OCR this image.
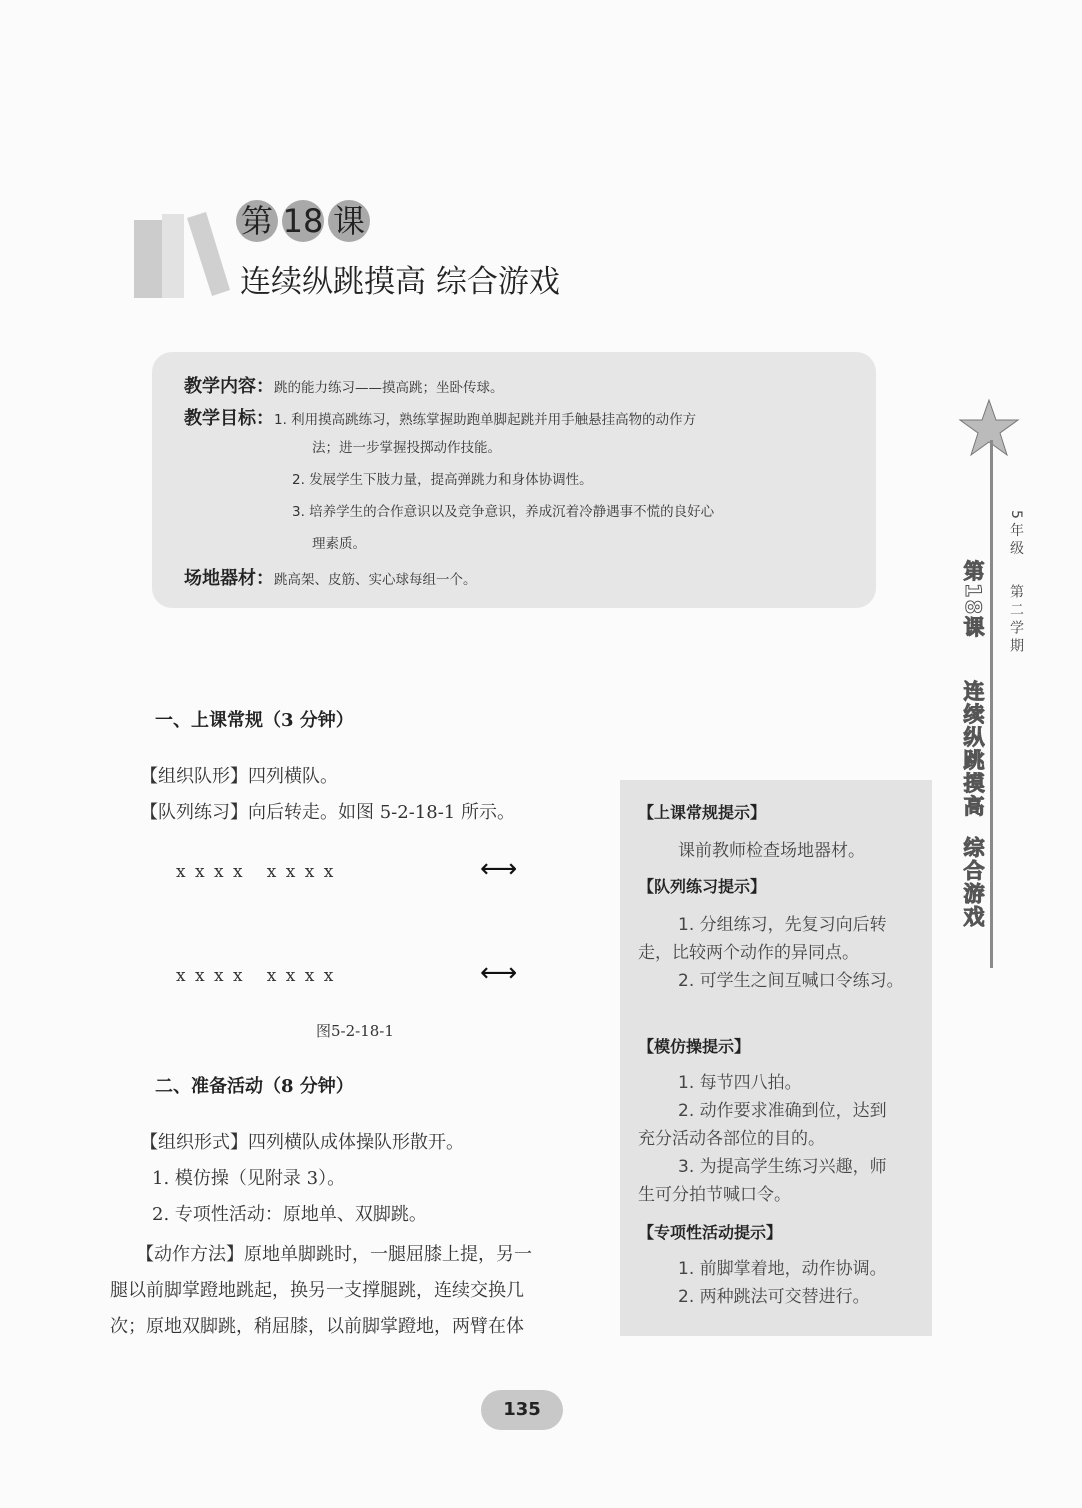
第 18 课
连续纵跳摸高 综合游戏
教学内容：跳的能力练习——摸高跳；坐卧传球。
教学目标：1. 利用摸高跳练习，熟练掌握助跑单脚起跳并用手触悬挂高物的动作方
法；进一步掌握投掷动作技能。
2. 发展学生下肢力量，提高弹跳力和身体协调性。
3. 培养学生的合作意识以及竞争意识，养成沉着冷静遇事不慌的良好心
理素质。
场地器材：跳高架、皮筋、实心球每组一个。
一、上课常规（3 分钟）
【组织队形】四列横队。
【队列练习】向后转走。如图 5-2-18-1 所示。
x x x x   x x x x	⟷
x x x x   x x x x	⟷
图5-2-18-1
二、准备活动（8 分钟）
【组织形式】四列横队成体操队形散开。
1. 模仿操（见附录 3）。
2. 专项性活动：原地单、双脚跳。
【动作方法】原地单脚跳时，一腿屈膝上提，另一
腿以前脚掌蹬地跳起，换另一支撑腿跳，连续交换几
次；原地双脚跳，稍屈膝，以前脚掌蹬地，两臂在体
【上课常规提示】
课前教师检查场地器材。
【队列练习提示】
1. 分组练习，先复习向后转
走，比较两个动作的异同点。
2. 可学生之间互喊口令练习。
【模仿操提示】
1. 每节四八拍。
2. 动作要求准确到位，达到
充分活动各部位的目的。
3. 为提高学生练习兴趣，师
生可分拍节喊口令。
【专项性活动提示】
1. 前脚掌着地，动作协调。
2. 两种跳法可交替进行。
5年级
第二学期
第18课
连续纵跳摸高  综合游戏
135
